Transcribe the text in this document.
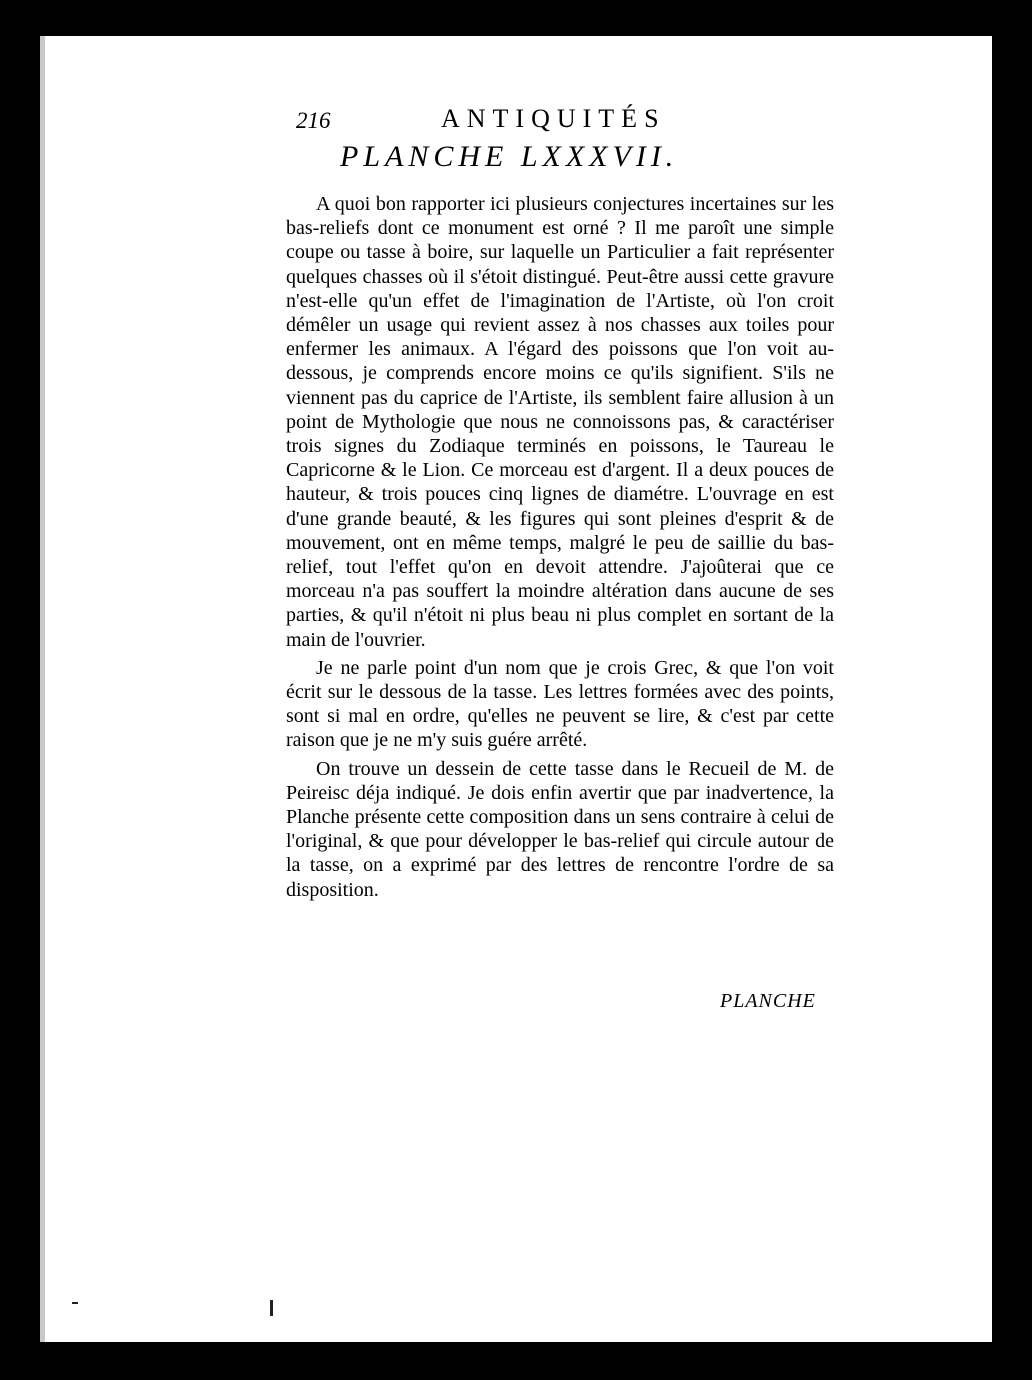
216	ANTIQUITÉS
PLANCHE LXXXVII.

A quoi bon rapporter ici plusieurs conjectures incertaines sur les bas-reliefs dont ce monument est orné ? Il me paroît une simple coupe ou tasse à boire, sur laquelle un Particulier a fait représenter quelques chasses où il s'étoit distingué. Peut-être aussi cette gravure n'est-elle qu'un effet de l'imagination de l'Artiste, où l'on croit démêler un usage qui revient assez à nos chasses aux toiles pour enfermer les animaux. A l'égard des poissons que l'on voit au-dessous, je comprends encore moins ce qu'ils signifient. S'ils ne viennent pas du caprice de l'Artiste, ils semblent faire allusion à un point de Mythologie que nous ne connoissons pas, & caractériser trois signes du Zodiaque terminés en poissons, le Taureau le Capricorne & le Lion. Ce morceau est d'argent. Il a deux pouces de hauteur, & trois pouces cinq lignes de diamétre. L'ouvrage en est d'une grande beauté, & les figures qui sont pleines d'esprit & de mouvement, ont en même temps, malgré le peu de saillie du bas-relief, tout l'effet qu'on en devoit attendre. J'ajoûterai que ce morceau n'a pas souffert la moindre altération dans aucune de ses parties, & qu'il n'étoit ni plus beau ni plus complet en sortant de la main de l'ouvrier.

Je ne parle point d'un nom que je crois Grec, & que l'on voit écrit sur le dessous de la tasse. Les lettres formées avec des points, sont si mal en ordre, qu'elles ne peuvent se lire, & c'est par cette raison que je ne m'y suis guére arrêté.

On trouve un dessein de cette tasse dans le Recueil de M. de Peireisc déja indiqué. Je dois enfin avertir que par inadvertence, la Planche présente cette composition dans un sens contraire à celui de l'original, & que pour développer le bas-relief qui circule autour de la tasse, on a exprimé par des lettres de rencontre l'ordre de sa disposition.

PLANCHE
